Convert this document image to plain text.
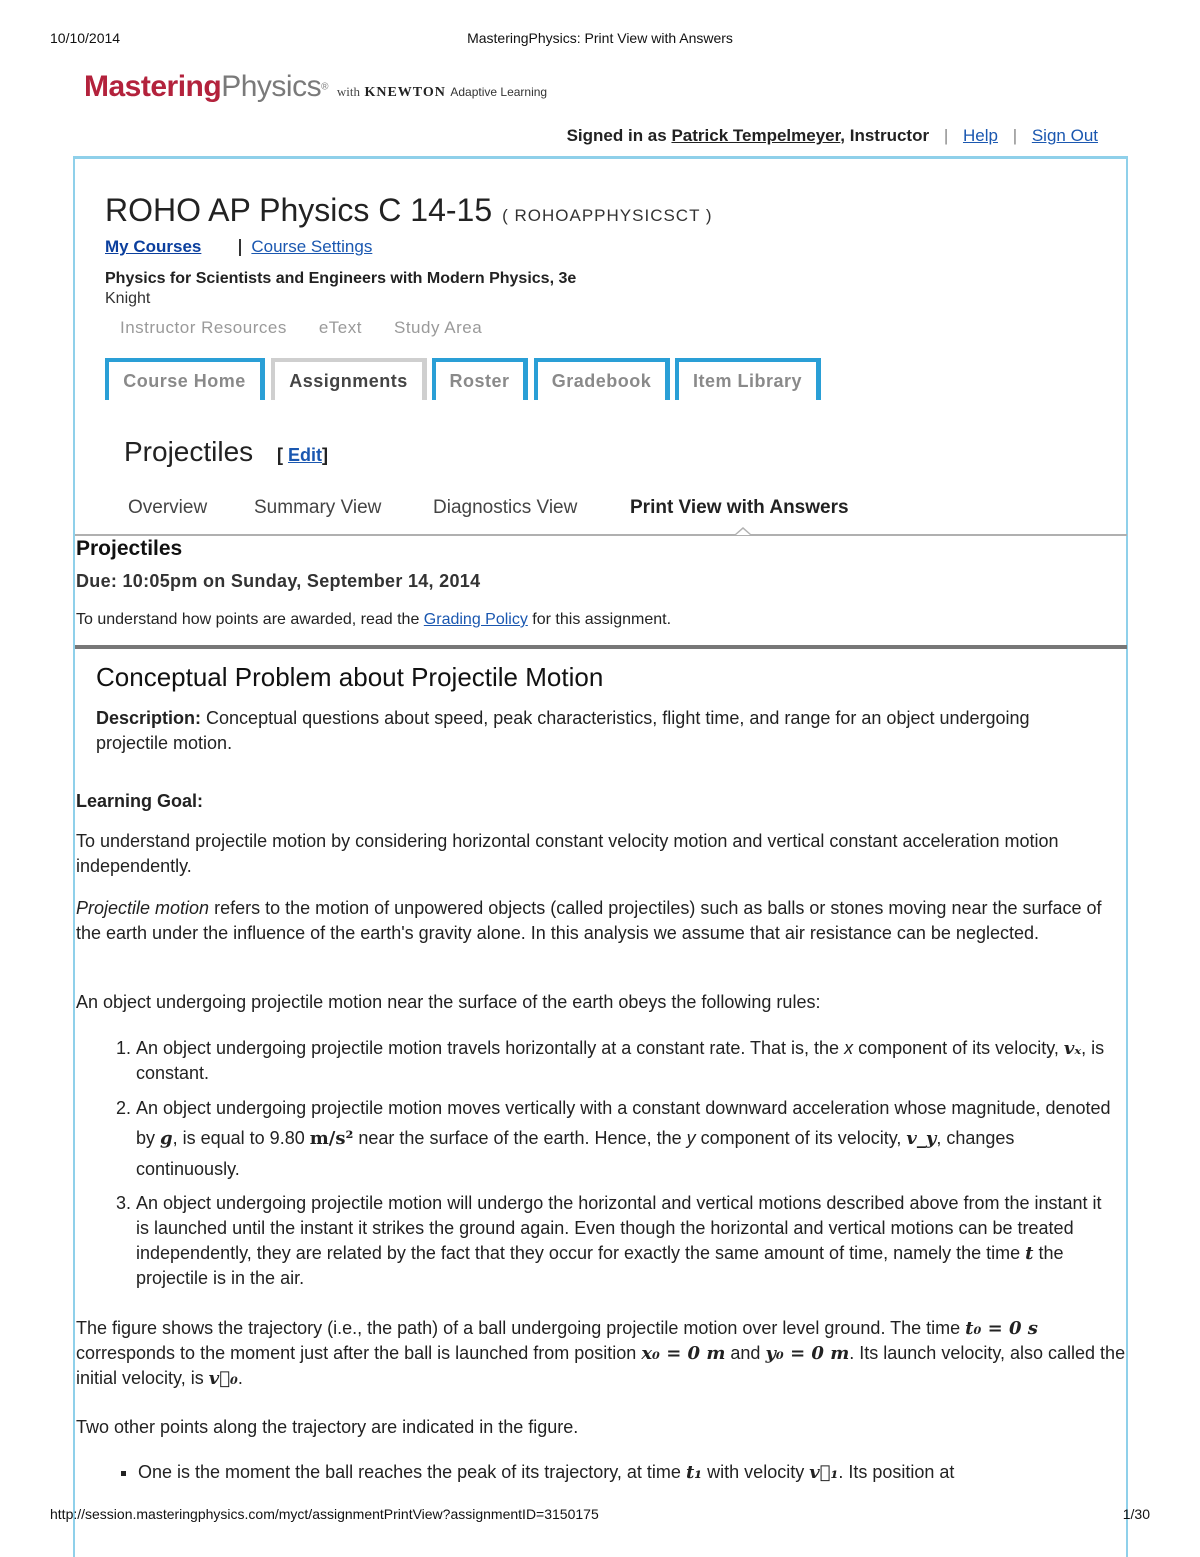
10/10/2014	MasteringPhysics: Print View with Answers
MasteringPhysics® with KNEWTON Adaptive Learning
Signed in as Patrick Tempelmeyer, Instructor | Help | Sign Out
ROHO AP Physics C 14-15 ( ROHOAPPHYSICSCT )
My Courses	Course Settings
Physics for Scientists and Engineers with Modern Physics, 3e
Knight
Instructor Resources eText Study Area
Course Home	Assignments	Roster	Gradebook	Item Library
Projectiles [ Edit]
Overview Summary View	Diagnostics View	Print View with Answers
Projectiles
Due: 10:05pm on Sunday, September 14, 2014
To understand how points are awarded, read the Grading Policy for this assignment.
Conceptual Problem about Projectile Motion
Description: Conceptual questions about speed, peak characteristics, flight time, and range for an object undergoing projectile motion.
Learning Goal:
To understand projectile motion by considering horizontal constant velocity motion and vertical constant acceleration motion independently.
Projectile motion refers to the motion of unpowered objects (called projectiles) such as balls or stones moving near the surface of the earth under the influence of the earth's gravity alone. In this analysis we assume that air resistance can be neglected.
An object undergoing projectile motion near the surface of the earth obeys the following rules:
1. An object undergoing projectile motion travels horizontally at a constant rate. That is, the x component of its velocity, vₓ, is constant.
2. An object undergoing projectile motion moves vertically with a constant downward acceleration whose magnitude, denoted by g, is equal to 9.80 m/s² near the surface of the earth. Hence, the y component of its velocity, v_y, changes continuously.
3. An object undergoing projectile motion will undergo the horizontal and vertical motions described above from the instant it is launched until the instant it strikes the ground again. Even though the horizontal and vertical motions can be treated independently, they are related by the fact that they occur for exactly the same amount of time, namely the time t the projectile is in the air.
The figure shows the trajectory (i.e., the path) of a ball undergoing projectile motion over level ground. The time t₀ = 0 s corresponds to the moment just after the ball is launched from position x₀ = 0 m and y₀ = 0 m. Its launch velocity, also called the initial velocity, is v⃗₀.
Two other points along the trajectory are indicated in the figure.
▪ One is the moment the ball reaches the peak of its trajectory, at time t₁ with velocity v⃗₁. Its position at
http://session.masteringphysics.com/myct/assignmentPrintView?assignmentID=3150175	1/30
